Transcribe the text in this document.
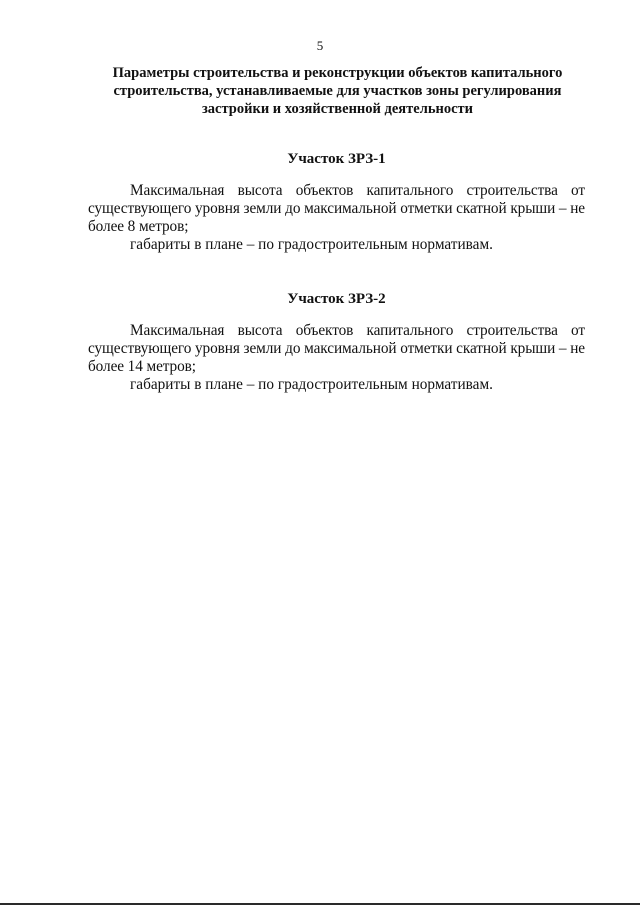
5
Параметры строительства и реконструкции объектов капитального
строительства, устанавливаемые для участков зоны регулирования
застройки и хозяйственной деятельности
Участок ЗРЗ-1

Максимальная высота объектов капитального строительства от существующего уровня земли до максимальной отметки скатной крыши – не более 8 метров;

габариты в плане – по градостроительным нормативам.

Участок ЗРЗ-2

Максимальная высота объектов капитального строительства от существующего уровня земли до максимальной отметки скатной крыши – не более 14 метров;

габариты в плане – по градостроительным нормативам.
